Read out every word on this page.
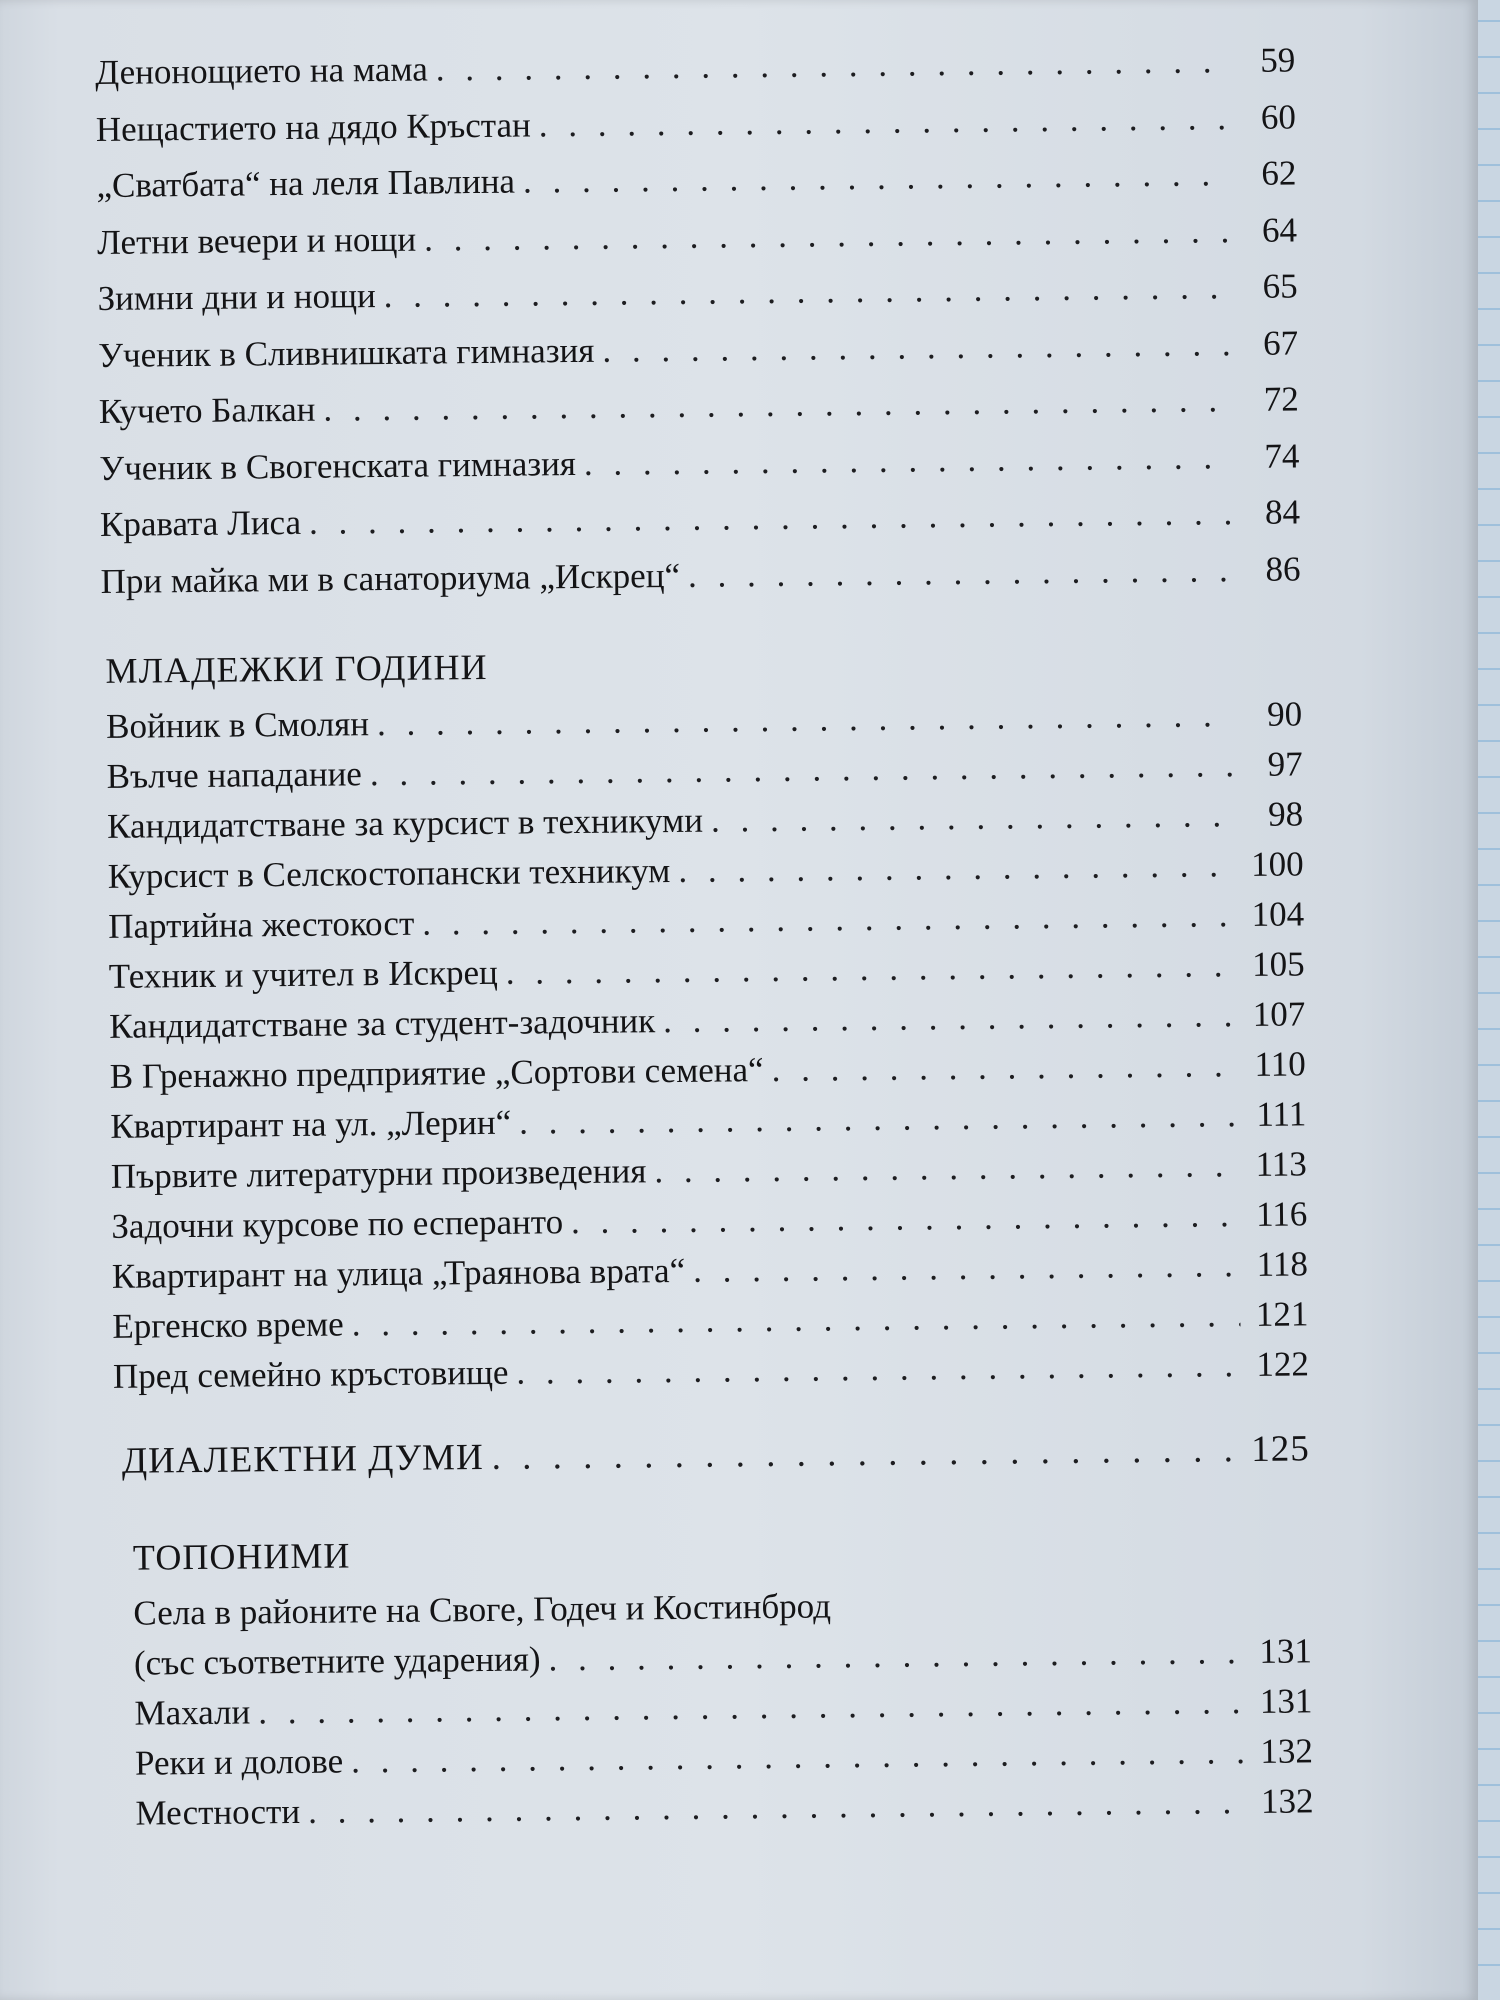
Денонощието на мама . . .	59
Нещастието на дядо Кръстан . . .	60
„Сватбата“ на леля Павлина . . .	62
Летни вечери и нощи . . .	64
Зимни дни и нощи . . .	65
Ученик в Сливнишката гимназия . . .	67
Кучето Балкан . . .	72
Ученик в Свогенската гимназия . . .	74
Кравата Лиса . . .	84
При майка ми в санаториума „Искрец“ . . .	86
МЛАДЕЖКИ ГОДИНИ
Войник в Смолян . . .	90
Вълче нападание . . .	97
Кандидатстване за курсист в техникуми . . .	98
Курсист в Селскостопански техникум . . .	100
Партийна жестокост . . .	104
Техник и учител в Искрец . . .	105
Кандидатстване за студент-задочник . . .	107
В Гренажно предприятие „Сортови семена“ . . .	110
Квартирант на ул. „Лерин“ . . .	111
Първите литературни произведения . . .	113
Задочни курсове по есперанто . . .	116
Квартирант на улица „Траянова врата“ . . .	118
Ергенско време . . .	121
Пред семейно кръстовище . . .	122
ДИАЛЕКТНИ ДУМИ . . .	125
ТОПОНИМИ
Села в районите на Своге, Годеч и Костинброд
(със съответните ударения) . . .	131
Махали . . .	131
Реки и долове . . .	132
Местности . . .	132
